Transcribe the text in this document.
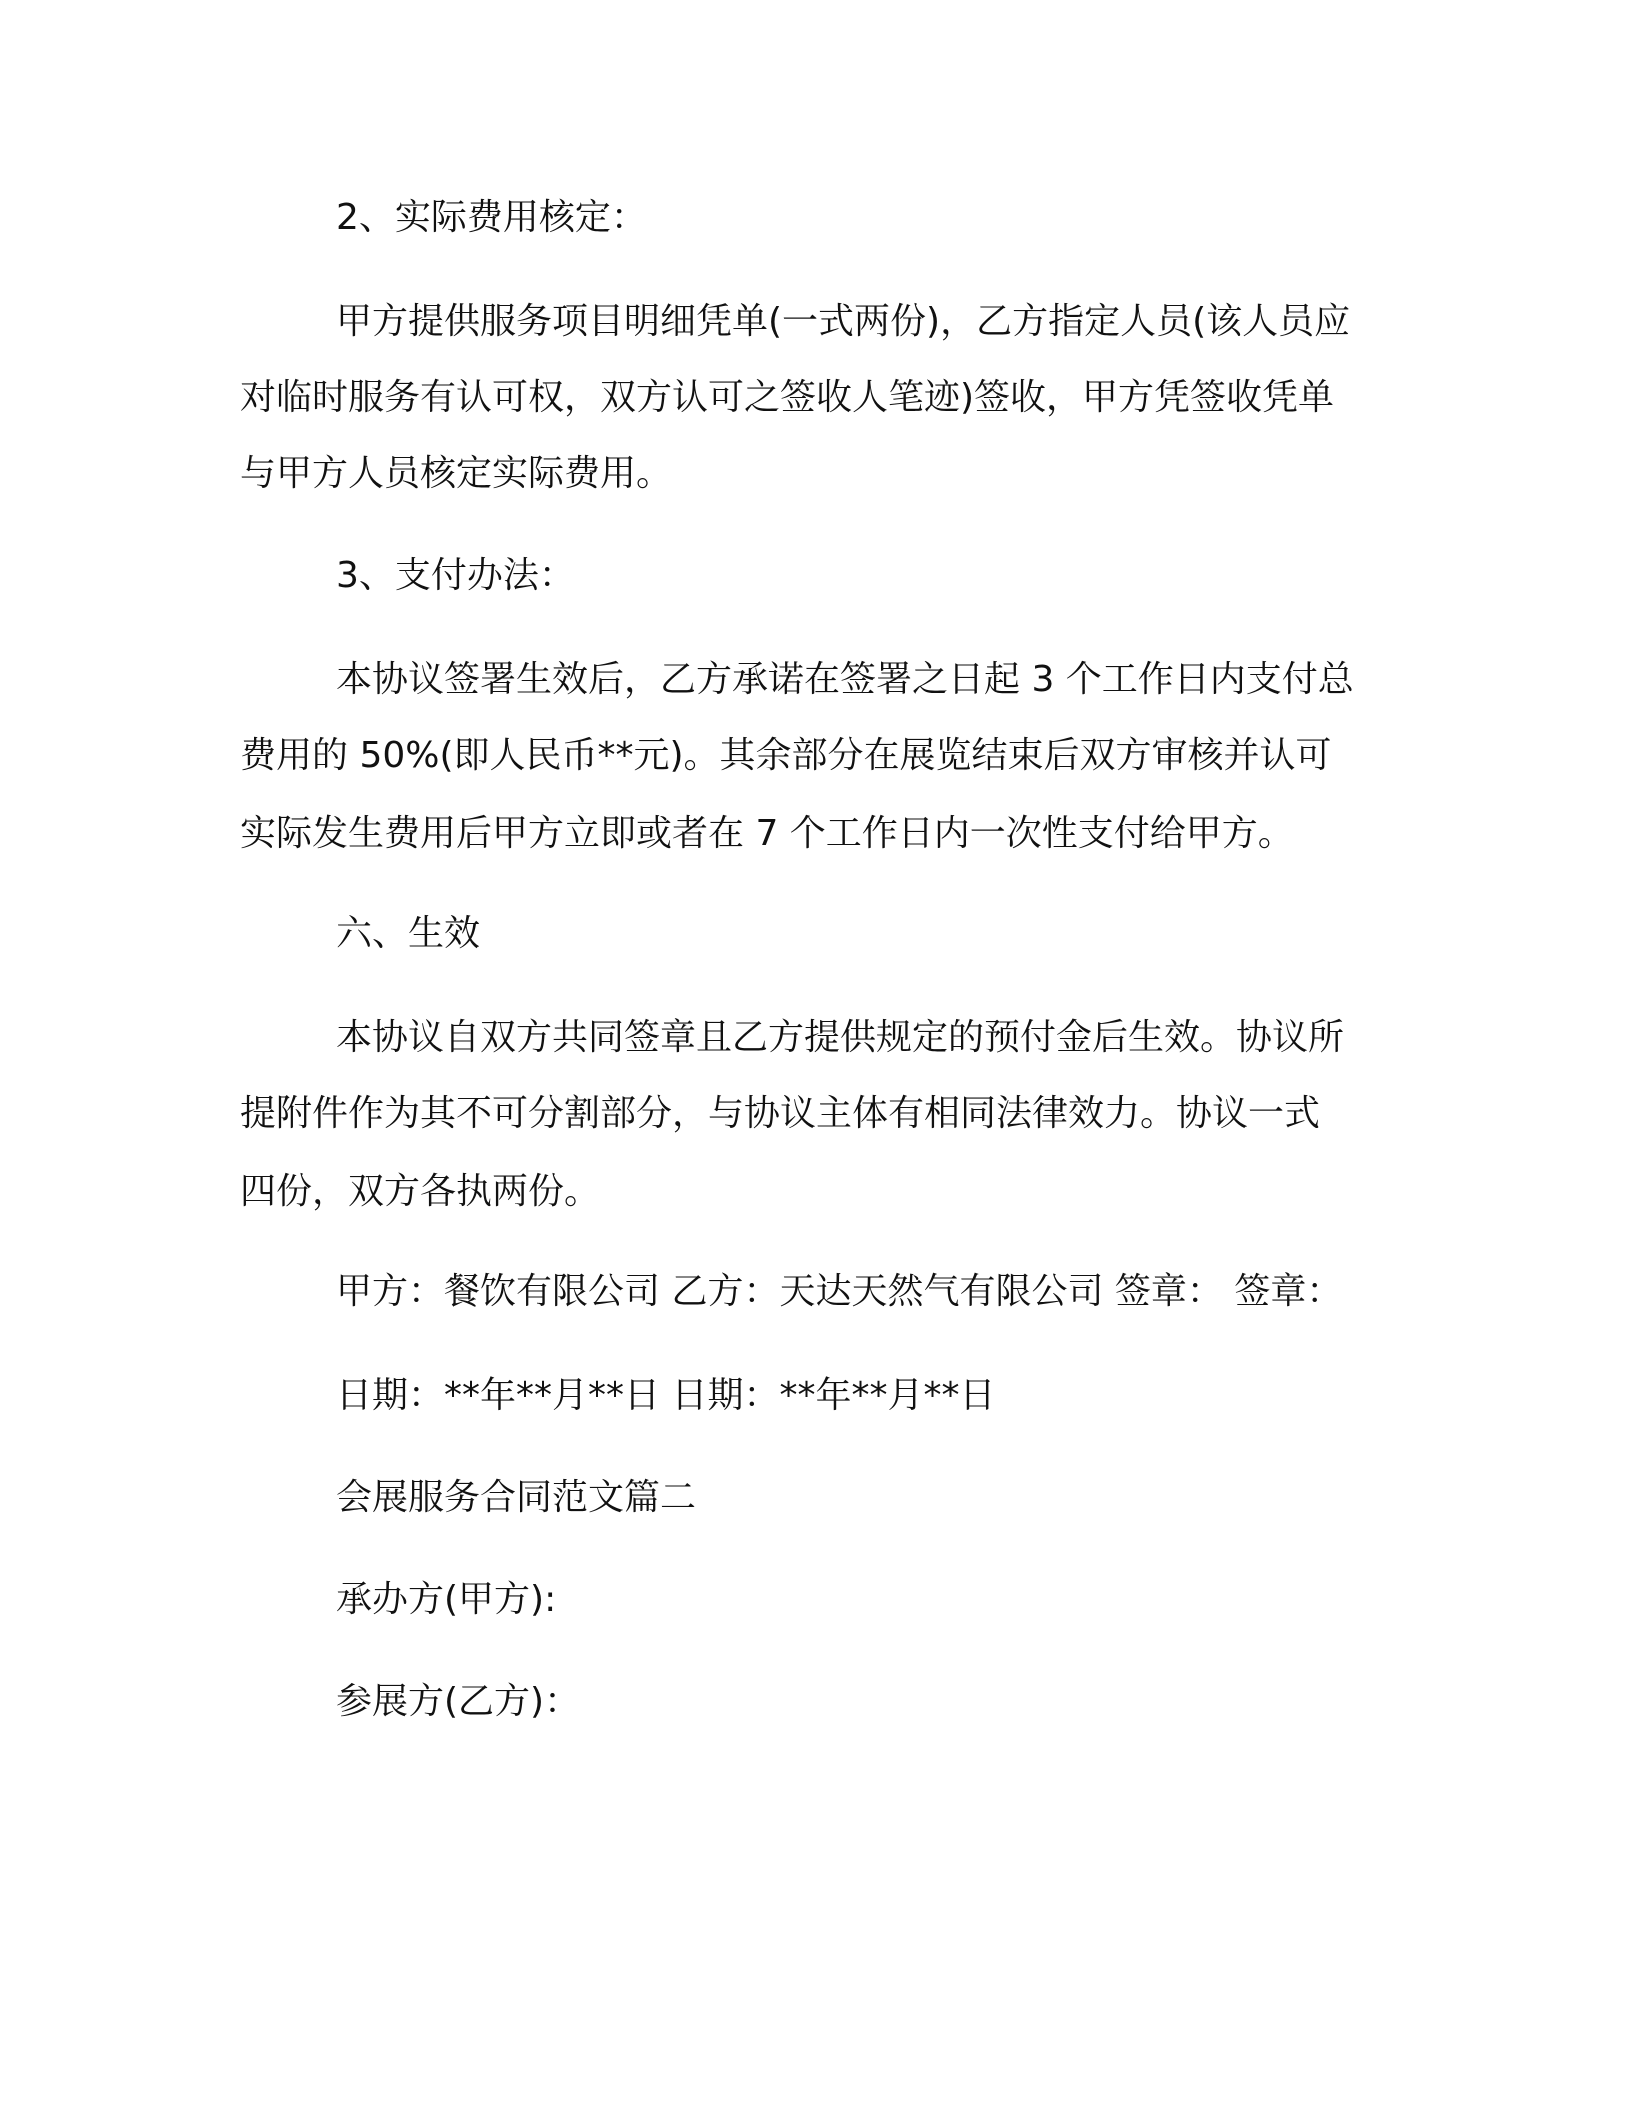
2、实际费用核定：
甲方提供服务项目明细凭单(一式两份)，乙方指定人员(该人员应
对临时服务有认可权，双方认可之签收人笔迹)签收，甲方凭签收凭单
与甲方人员核定实际费用。
3、支付办法：
本协议签署生效后，乙方承诺在签署之日起 3 个工作日内支付总
费用的 50%(即人民币**元)。其余部分在展览结束后双方审核并认可
实际发生费用后甲方立即或者在 7 个工作日内一次性支付给甲方。
六、生效
本协议自双方共同签章且乙方提供规定的预付金后生效。协议所
提附件作为其不可分割部分，与协议主体有相同法律效力。协议一式
四份，双方各执两份。
甲方：餐饮有限公司 乙方：天达天然气有限公司 签章： 签章：
日期：**年**月**日 日期：**年**月**日
会展服务合同范文篇二
承办方(甲方):
参展方(乙方)：
